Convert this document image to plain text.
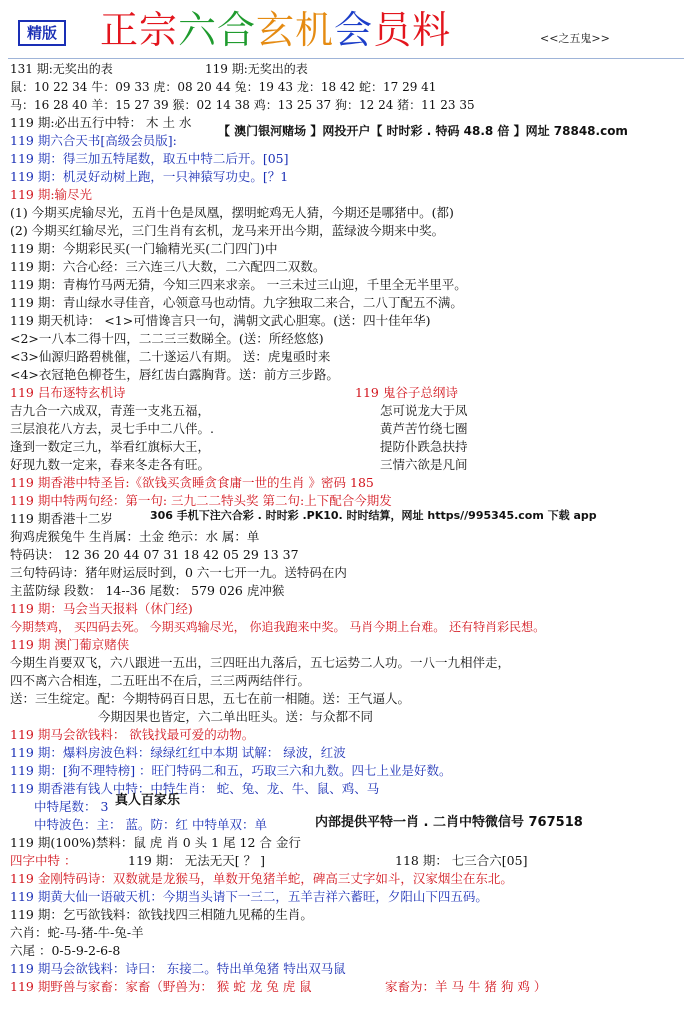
精版 正宗六合玄机会员料	<<之五鬼>>
131 期:无奖出的表	119 期:无奖出的表
鼠：10 22 34 牛：09 33 虎：08 20 44 兔：19 43 龙：18 42 蛇：17 29 41
马：16 28 40 羊：15 27 39 猴：02 14 38 鸡：13 25 37 狗：12 24 猪：11 23 35
119 期:必出五行中特： 木 土 水
【 澳门银河赌场 】网投开户【 时时彩 . 特码 48.8 倍 】网址 78848.com
119 期六合天书[高级会员版]:
119 期：得三加五特尾数，取五中特二后开。[05]
119 期：机灵好动树上跑，一只神猿写功史。[？1
119 期:输尽光
(1) 今期买虎输尽光，五肖十色是凤凰，摆明蛇鸡无人猜，今期还是哪猪中。(都)
(2) 今期买红输尽光，三门生肖有玄机，龙马来开出今期，蓝绿波今期来中奖。
119 期：今期彩民买(一门输精光买(二门四门)中
119 期：六合心经：三六连三八大数，二六配四二双数。
119 期：青梅竹马两无猜，今知三四来求亲。 一三未过三山迎，千里全无半里平。
119 期：青山绿水寻佳音，心领意马也动情。九字独取二来合，二八丁配五不满。
119 期天机诗： <1>可惜谗言只一句，满朝文武心胆寒。(送：四十佳年华)
<2>一八本二得十四，二二三三数睇全。(送：所经悠悠)
<3>仙源归路碧桃催，二十遂运八有期。 送：虎鬼亟时来
<4>衣冠艳色柳苍生，唇红齿白露胸背。送：前方三步路。
119 吕布逐特玄机诗	119 鬼谷子总纲诗
吉九合一六成双，青莲一支兆五福，	怎可说龙大于凤
三层浪花八方去，灵七手中二八伴。.	黄芦苦竹绕七圈
逢到一数定三九，举看红旗标大王，	提防仆跌急扶持
好现九数一定来，春来冬走各有旺。	三情六欲是凡间
119 期香港中特圣旨:《欲钱买贪睡贪食庸一世的生肖 》密码 185
119 期中特两句经：第一句: 三九二二特头奖 第二句:上下配合今期发
119 期香港十二岁	306 手机下注六合彩 . 时时彩 .PK10. 时时结算，网址 https//995345.com 下载 app
狗鸡虎猴兔牛 生肖属：土金 绝示：水 属：单
特码诀： 12 36 20 44 07 31 18 42 05 29 13 37
三句特码诗：猪年财运辰时到，0 六一七开一九。送特码在内
主蓝防绿 段数： 14--36 尾数： 579 026 虎冲猴
119 期：马会当天报料（休门经)
今期禁鸡， 买四码去死。 今期买鸡输尽光， 你追我跑来中奖。 马肖今期上台难。 还有特肖彩民想。
119 期 澳门葡京赌侠
今期生肖要双飞，六八跟进一五出，三四旺出九落后，五七运势二人功。一八一九相伴走，
四不离六合相连，二五旺出不在后，三三两两结伴行。
送：三生绽定。配：今期特码百日思，五七在前一相随。送：王气逼人。
今期因果也皆定，六二单出旺头。送：与众都不同
119 期马会欲钱料： 欲钱找最可爱的动物。
119 期：爆料房波色料：绿绿红红中本期 试解： 绿波，红波
119 期：[狗不理特榜] ：旺门特码二和五，巧取三六和九数。四七上业是好数。
119 期香港有钱人中特：中特生肖： 蛇、兔、龙、牛、鼠、鸡、马
真人百家乐
中特尾数： 3
中特波色：主： 蓝。防：红 中特单双：单	内部提供平特一肖 . 二肖中特微信号 767518
119 期(100%)禁料：鼠 虎 肖 0 头 1 尾 12 合 金行
四字中特 ：	119 期： 无法无天[ ？ ]	118 期： 七三合六[05]
119 金刚特码诗：双数就是龙猴马，单数开兔猪羊蛇，碑高三丈字如斗，汉家烟尘在东北。
119 期黄大仙一语破天机：今期当头请下一三二，五羊吉祥六蓄旺，夕阳山下四五码。
119 期：乞丐欲钱料：欲钱找四三相随九见稀的生肖。
六肖：蛇-马-猪-牛-兔-羊
六尾 ：0-5-9-2-6-8
119 期马会欲钱料：诗曰： 东接二。特出单兔猪 特出双马鼠
119 期野兽与家畜：家畜（野兽为： 猴 蛇 龙 兔 虎 鼠	家畜为：羊 马 牛 猪 狗 鸡 ）
